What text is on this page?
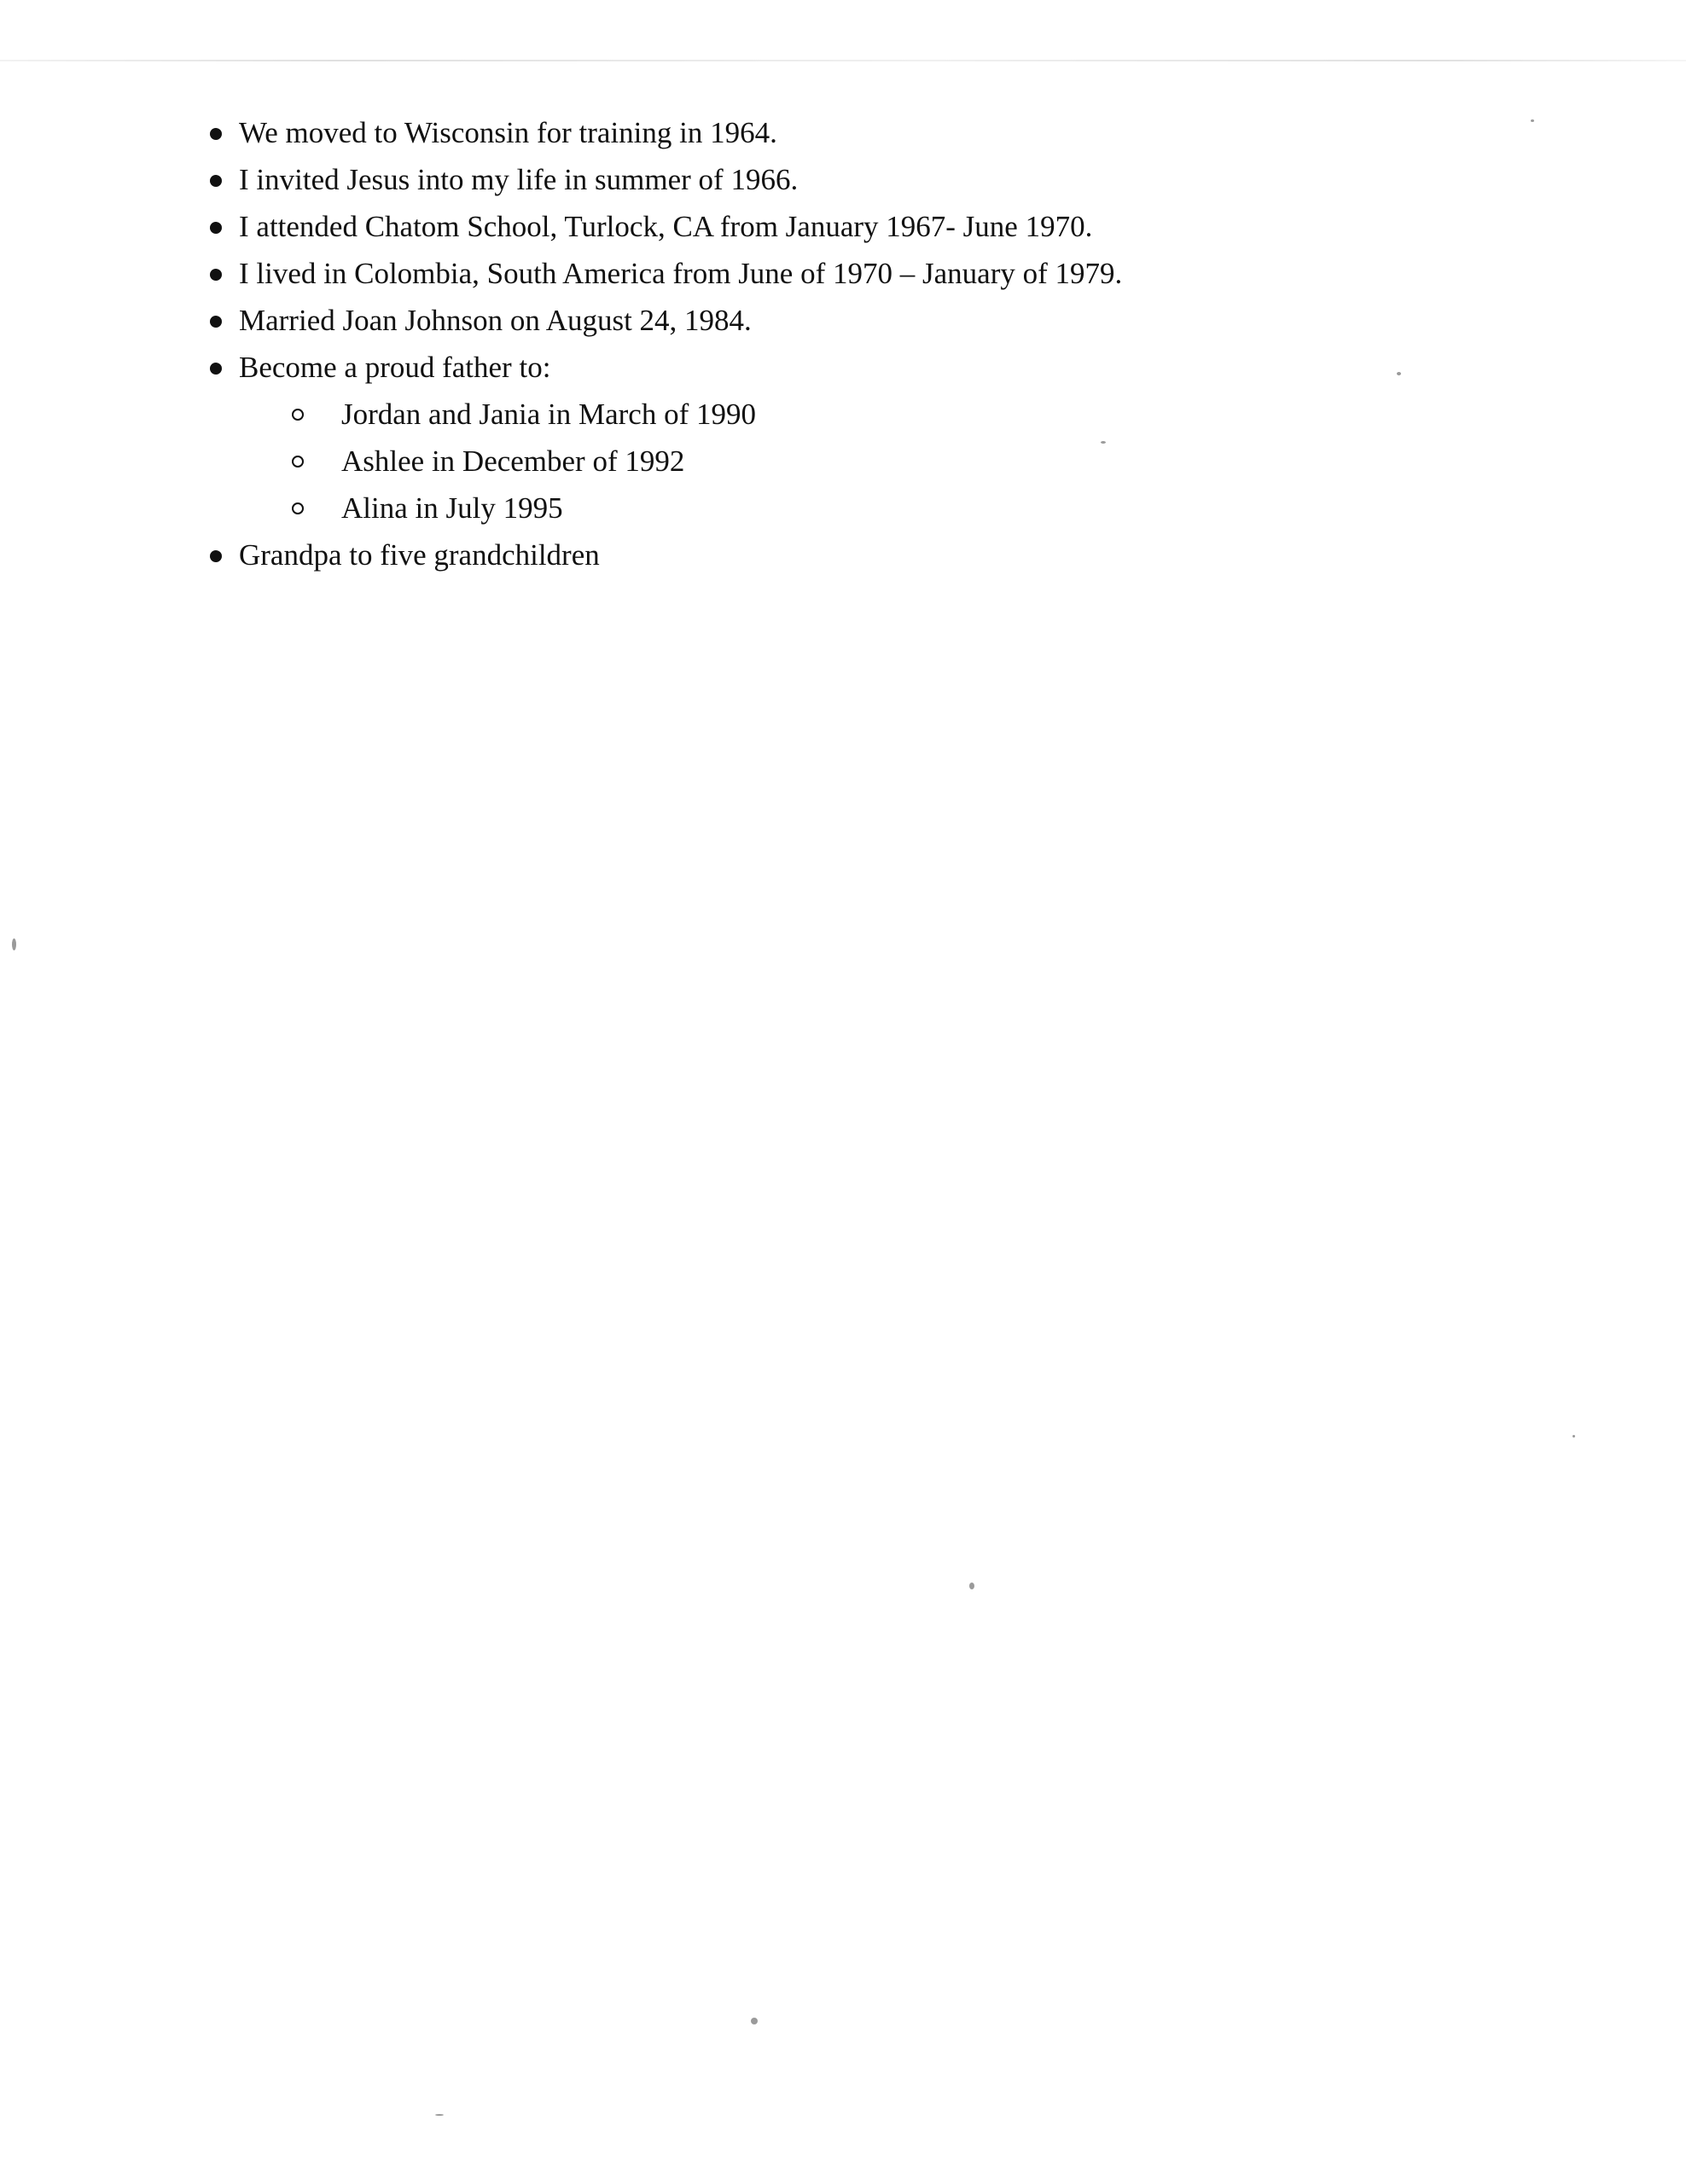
We moved to Wisconsin for training in 1964.
I invited Jesus into my life in summer of 1966.
I attended Chatom School, Turlock, CA from January 1967- June 1970.
I lived in Colombia, South America from June of 1970 – January of 1979.
Married Joan Johnson on August 24, 1984.
Become a proud father to:
Jordan and Jania in March of 1990
Ashlee in December of 1992
Alina in July 1995
Grandpa to five grandchildren
